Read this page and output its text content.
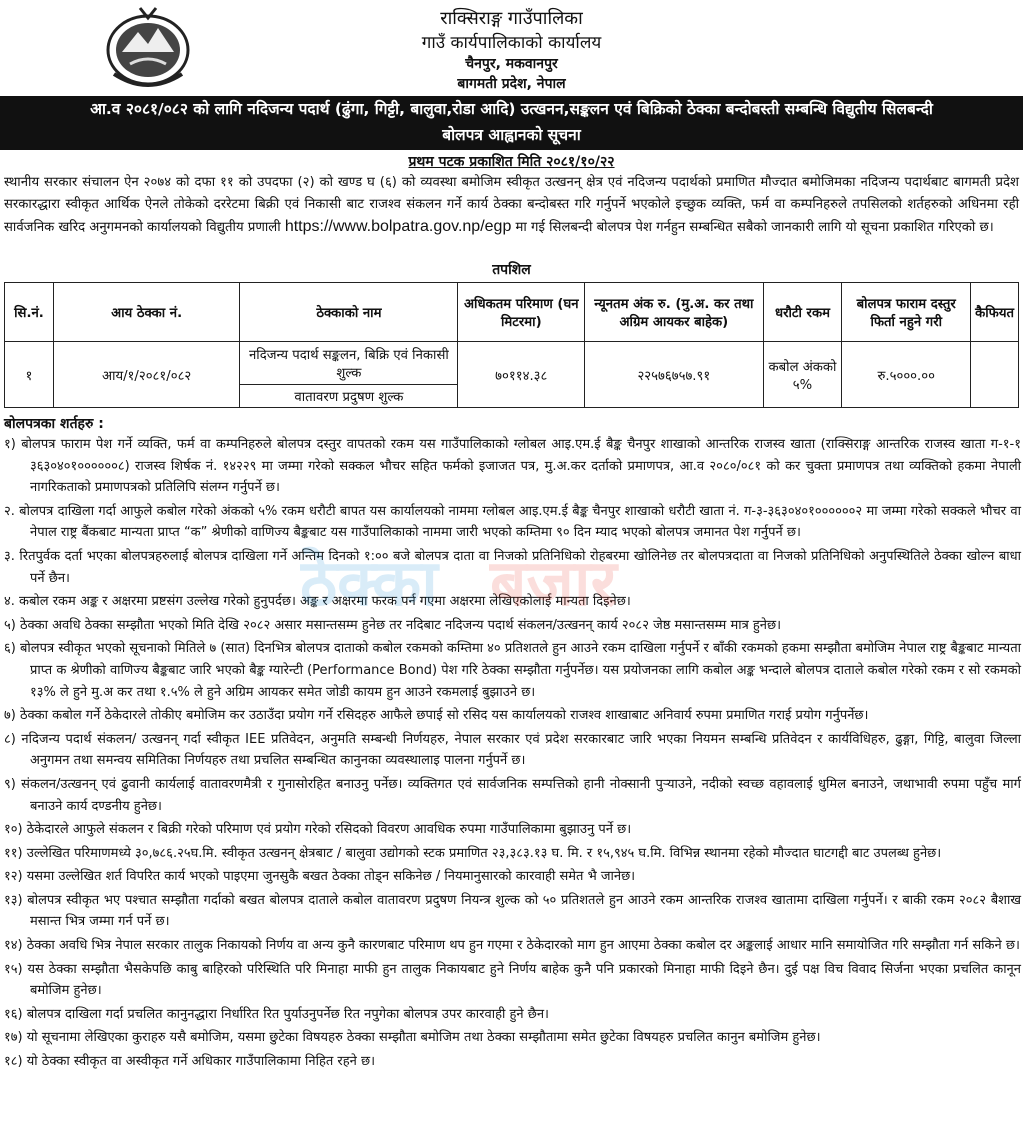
राक्सिराङ्ग गाउँपालिका
गाउँ कार्यपालिकाको कार्यालय
चैनपुर, मकवानपुर
बागमती प्रदेश, नेपाल
आ.व २०८१/०८२ को लागि नदिजन्य पदार्थ (ढुंगा, गिट्टी, बालुवा,रोडा आदि) उत्खनन,सङ्कलन एवं बिक्रिको ठेक्का बन्दोबस्ती सम्बन्धि विद्युतीय सिलबन्दी
बोलपत्र आह्वानको सूचना
प्रथम पटक प्रकाशित मिति २०८१/१०/२२
स्थानीय सरकार संचालन ऐन २०७४ को दफा ११ को उपदफा (२) को खण्ड घ (६) को व्यवस्था बमोजिम स्वीकृत उत्खनन् क्षेत्र एवं नदिजन्य पदार्थको प्रमाणित मौज्दात बमोजिमका नदिजन्य पदार्थबाट बागमती प्रदेश सरकारद्धारा स्वीकृत आर्थिक ऐनले तोकेको दररेटमा बिक्री एवं निकासी बाट राजश्व संकलन गर्ने कार्य ठेक्का बन्दोबस्त गरि गर्नुपर्ने भएकोले इच्छुक व्यक्ति, फर्म वा कम्पनिहरुले तपसिलको शर्तहरुको अधिनमा रही सार्वजनिक खरिद अनुगमनको कार्यालयको विद्युतीय प्रणाली https://www.bolpatra.gov.np/egp मा गई सिलबन्दी बोलपत्र पेश गर्नहुन सम्बन्धित सबैको जानकारी लागि यो सूचना प्रकाशित गरिएको छ।
तपशिल
सि.नं.	आय ठेक्का नं.	ठेक्काको नाम	अधिकतम परिमाण (घन मिटरमा)	न्यूनतम अंक रु. (मु.अ. कर तथा अग्रिम आयकर बाहेक)	धरौटी रकम	बोलपत्र फाराम दस्तुर फिर्ता नहुने गरी	कैफियत
१	आय/१/२०८१/०८२	नदिजन्य पदार्थ सङ्कलन, बिक्रि एवं निकासी शुल्क	७०११४.३८	२२५७६७५७.९१	कबोल अंकको ५%	रु.५०००.००	
		वातावरण प्रदुषण शुल्क					
बोलपत्रका शर्तहरु :
१) बोलपत्र फाराम पेश गर्ने व्यक्ति, फर्म वा कम्पनिहरुले बोलपत्र दस्तुर वापतको रकम यस गाउँपालिकाको ग्लोबल आइ.एम.ई बैङ्क चैनपुर शाखाको आन्तरिक राजस्व खाता (राक्सिराङ्ग आन्तरिक राजस्व खाता ग-१-१ ३६३०४०१००००००८) राजस्व शिर्षक नं. १४२२९ मा जम्मा गरेको सक्कल भौचर सहित फर्मको इजाजत पत्र, मु.अ.कर दर्ताको प्रमाणपत्र, आ.व २०८०/०८१ को कर चुक्ता प्रमाणपत्र तथा व्यक्तिको हकमा नेपाली नागरिकताको प्रमाणपत्रको प्रतिलिपि संलग्न गर्नुपर्ने छ।
२. बोलपत्र दाखिला गर्दा आफुले कबोल गरेको अंकको ५% रकम धरौटी बापत यस कार्यालयको नाममा ग्लोबल आइ.एम.ई बैङ्क चैनपुर शाखाको धरौटी खाता नं. ग-३-३६३०४०१००००००२ मा जम्मा गरेको सक्कले भौचर वा नेपाल राष्ट्र बैंकबाट मान्यता प्राप्त “क” श्रेणीको वाणिज्य बैङ्कबाट यस गाउँपालिकाको नाममा जारी भएको कम्तिमा ९० दिन म्याद भएको बोलपत्र जमानत पेश गर्नुपर्ने छ।
३. रितपुर्वक दर्ता भएका बोलपत्रहरुलाई बोलपत्र दाखिला गर्ने अन्तिम दिनको १:०० बजे बोलपत्र दाता वा निजको प्रतिनिधिको रोहबरमा खोलिनेछ तर बोलपत्रदाता वा निजको प्रतिनिधिको अनुपस्थितिले ठेक्का खोल्न बाधा पर्ने छैन।
४. कबोल रकम अङ्क र अक्षरमा प्रष्टसंग उल्लेख गरेको हुनुपर्दछ। अङ्क र अक्षरमा फरक पर्न गएमा अक्षरमा लेखिएकोलाई मान्यता दिइनेछ।
५) ठेक्का अवधि ठेक्का सम्झौता भएको मिति देखि २०८२ असार मसान्तसम्म हुनेछ तर नदिबाट नदिजन्य पदार्थ संकलन/उत्खनन् कार्य २०८२ जेष्ठ मसान्तसम्म मात्र हुनेछ।
६) बोलपत्र स्वीकृत भएको सूचनाको मितिले ७ (सात) दिनभित्र बोलपत्र दाताको कबोल रकमको कम्तिमा ४० प्रतिशतले हुन आउने रकम दाखिला गर्नुपर्ने र बाँकी रकमको हकमा सम्झौता बमोजिम नेपाल राष्ट्र बैङ्कबाट मान्यता प्राप्त क श्रेणीको वाणिज्य बैङ्कबाट जारि भएको बैङ्क ग्यारेन्टी (Performance Bond) पेश गरि ठेक्का सम्झौता गर्नुपर्नेछ। यस प्रयोजनका लागि कबोल अङ्क भन्दाले बोलपत्र दाताले कबोल गरेको रकम र सो रकमको १३% ले हुने मु.अ कर तथा १.५% ले हुने अग्रिम आयकर समेत जोडी कायम हुन आउने रकमलाई बुझाउने छ।
७) ठेक्का कबोल गर्ने ठेकेदारले तोकीए बमोजिम कर उठाउँदा प्रयोग गर्ने रसिदहरु आफैले छपाई सो रसिद यस कार्यालयको राजश्व शाखाबाट अनिवार्य रुपमा प्रमाणित गराई प्रयोग गर्नुपर्नेछ।
८) नदिजन्य पदार्थ संकलन/ उत्खनन् गर्दा स्वीकृत IEE प्रतिवेदन, अनुमति सम्बन्धी निर्णयहरु, नेपाल सरकार एवं प्रदेश सरकारबाट जारि भएका नियमन सम्बन्धि प्रतिवेदन र कार्यविधिहरु, ढुङ्गा, गिट्टि, बालुवा जिल्ला अनुगमन तथा समन्वय समितिका निर्णयहरु तथा प्रचलित सम्बन्धित कानुनका व्यवस्थालाइ पालना गर्नुपर्ने छ।
९) संकलन/उत्खनन् एवं ढुवानी कार्यलाई वातावरणमैत्री र गुनासोरहित बनाउनु पर्नेछ। व्यक्तिगत एवं सार्वजनिक सम्पत्तिको हानी नोक्सानी पुऱ्याउने, नदीको स्वच्छ वहावलाई धुमिल बनाउने, जथाभावी रुपमा पहुँच मार्ग बनाउने कार्य दण्डनीय हुनेछ।
१०) ठेकेदारले आफुले संकलन र बिक्री गरेको परिमाण एवं प्रयोग गरेको रसिदको विवरण आवधिक रुपमा गाउँपालिकामा बुझाउनु पर्ने छ।
११) उल्लेखित परिमाणमध्ये ३०,७८६.२५घ.मि. स्वीकृत उत्खनन् क्षेत्रबाट / बालुवा उद्योगको स्टक प्रमाणित २३,३८३.१३ घ. मि. र १५,९४५ घ.मि. विभिन्न स्थानमा रहेको मौज्दात घाटगद्दी बाट उपलब्ध हुनेछ।
१२) यसमा उल्लेखित शर्त विपरित कार्य भएको पाइएमा जुनसुकै बखत ठेक्का तोड्न सकिनेछ / नियमानुसारको कारवाही समेत भै जानेछ।
१३) बोलपत्र स्वीकृत भए पश्चात सम्झौता गर्दाको बखत बोलपत्र दाताले कबोल वातावरण प्रदुषण नियन्त्र शुल्क को ५० प्रतिशतले हुन आउने रकम आन्तरिक राजश्व खातामा दाखिला गर्नुपर्ने। र बाकी रकम २०८२ बैशाख मसान्त भित्र जम्मा गर्न पर्ने छ।
१४) ठेक्का अवधि भित्र नेपाल सरकार तालुक निकायको निर्णय वा अन्य कुनै कारणबाट परिमाण थप हुन गएमा र ठेकेदारको माग हुन आएमा ठेक्का कबोल दर अङ्कलाई आधार मानि समायोजित गरि सम्झौता गर्न सकिने छ।
१५) यस ठेक्का सम्झौता भैसकेपछि काबु बाहिरको परिस्थिति परि मिनाहा माफी हुन तालुक निकायबाट हुने निर्णय बाहेक कुनै पनि प्रकारको मिनाहा माफी दिइने छैन। दुई पक्ष विच विवाद सिर्जना भएका प्रचलित कानून बमोजिम हुनेछ।
१६) बोलपत्र दाखिला गर्दा प्रचलित कानुनद्धारा निर्धारित रित पुर्याउनुपर्नेछ रित नपुगेका बोलपत्र उपर कारवाही हुने छैन।
१७) यो सूचनामा लेखिएका कुराहरु यसै बमोजिम, यसमा छुटेका विषयहरु ठेक्का सम्झौता बमोजिम तथा ठेक्का सम्झौतामा समेत छुटेका विषयहरु प्रचलित कानुन बमोजिम हुनेछ।
१८) यो ठेक्का स्वीकृत वा अस्वीकृत गर्ने अधिकार गाउँपालिकामा निहित रहने छ।
ठेक्का बजार
